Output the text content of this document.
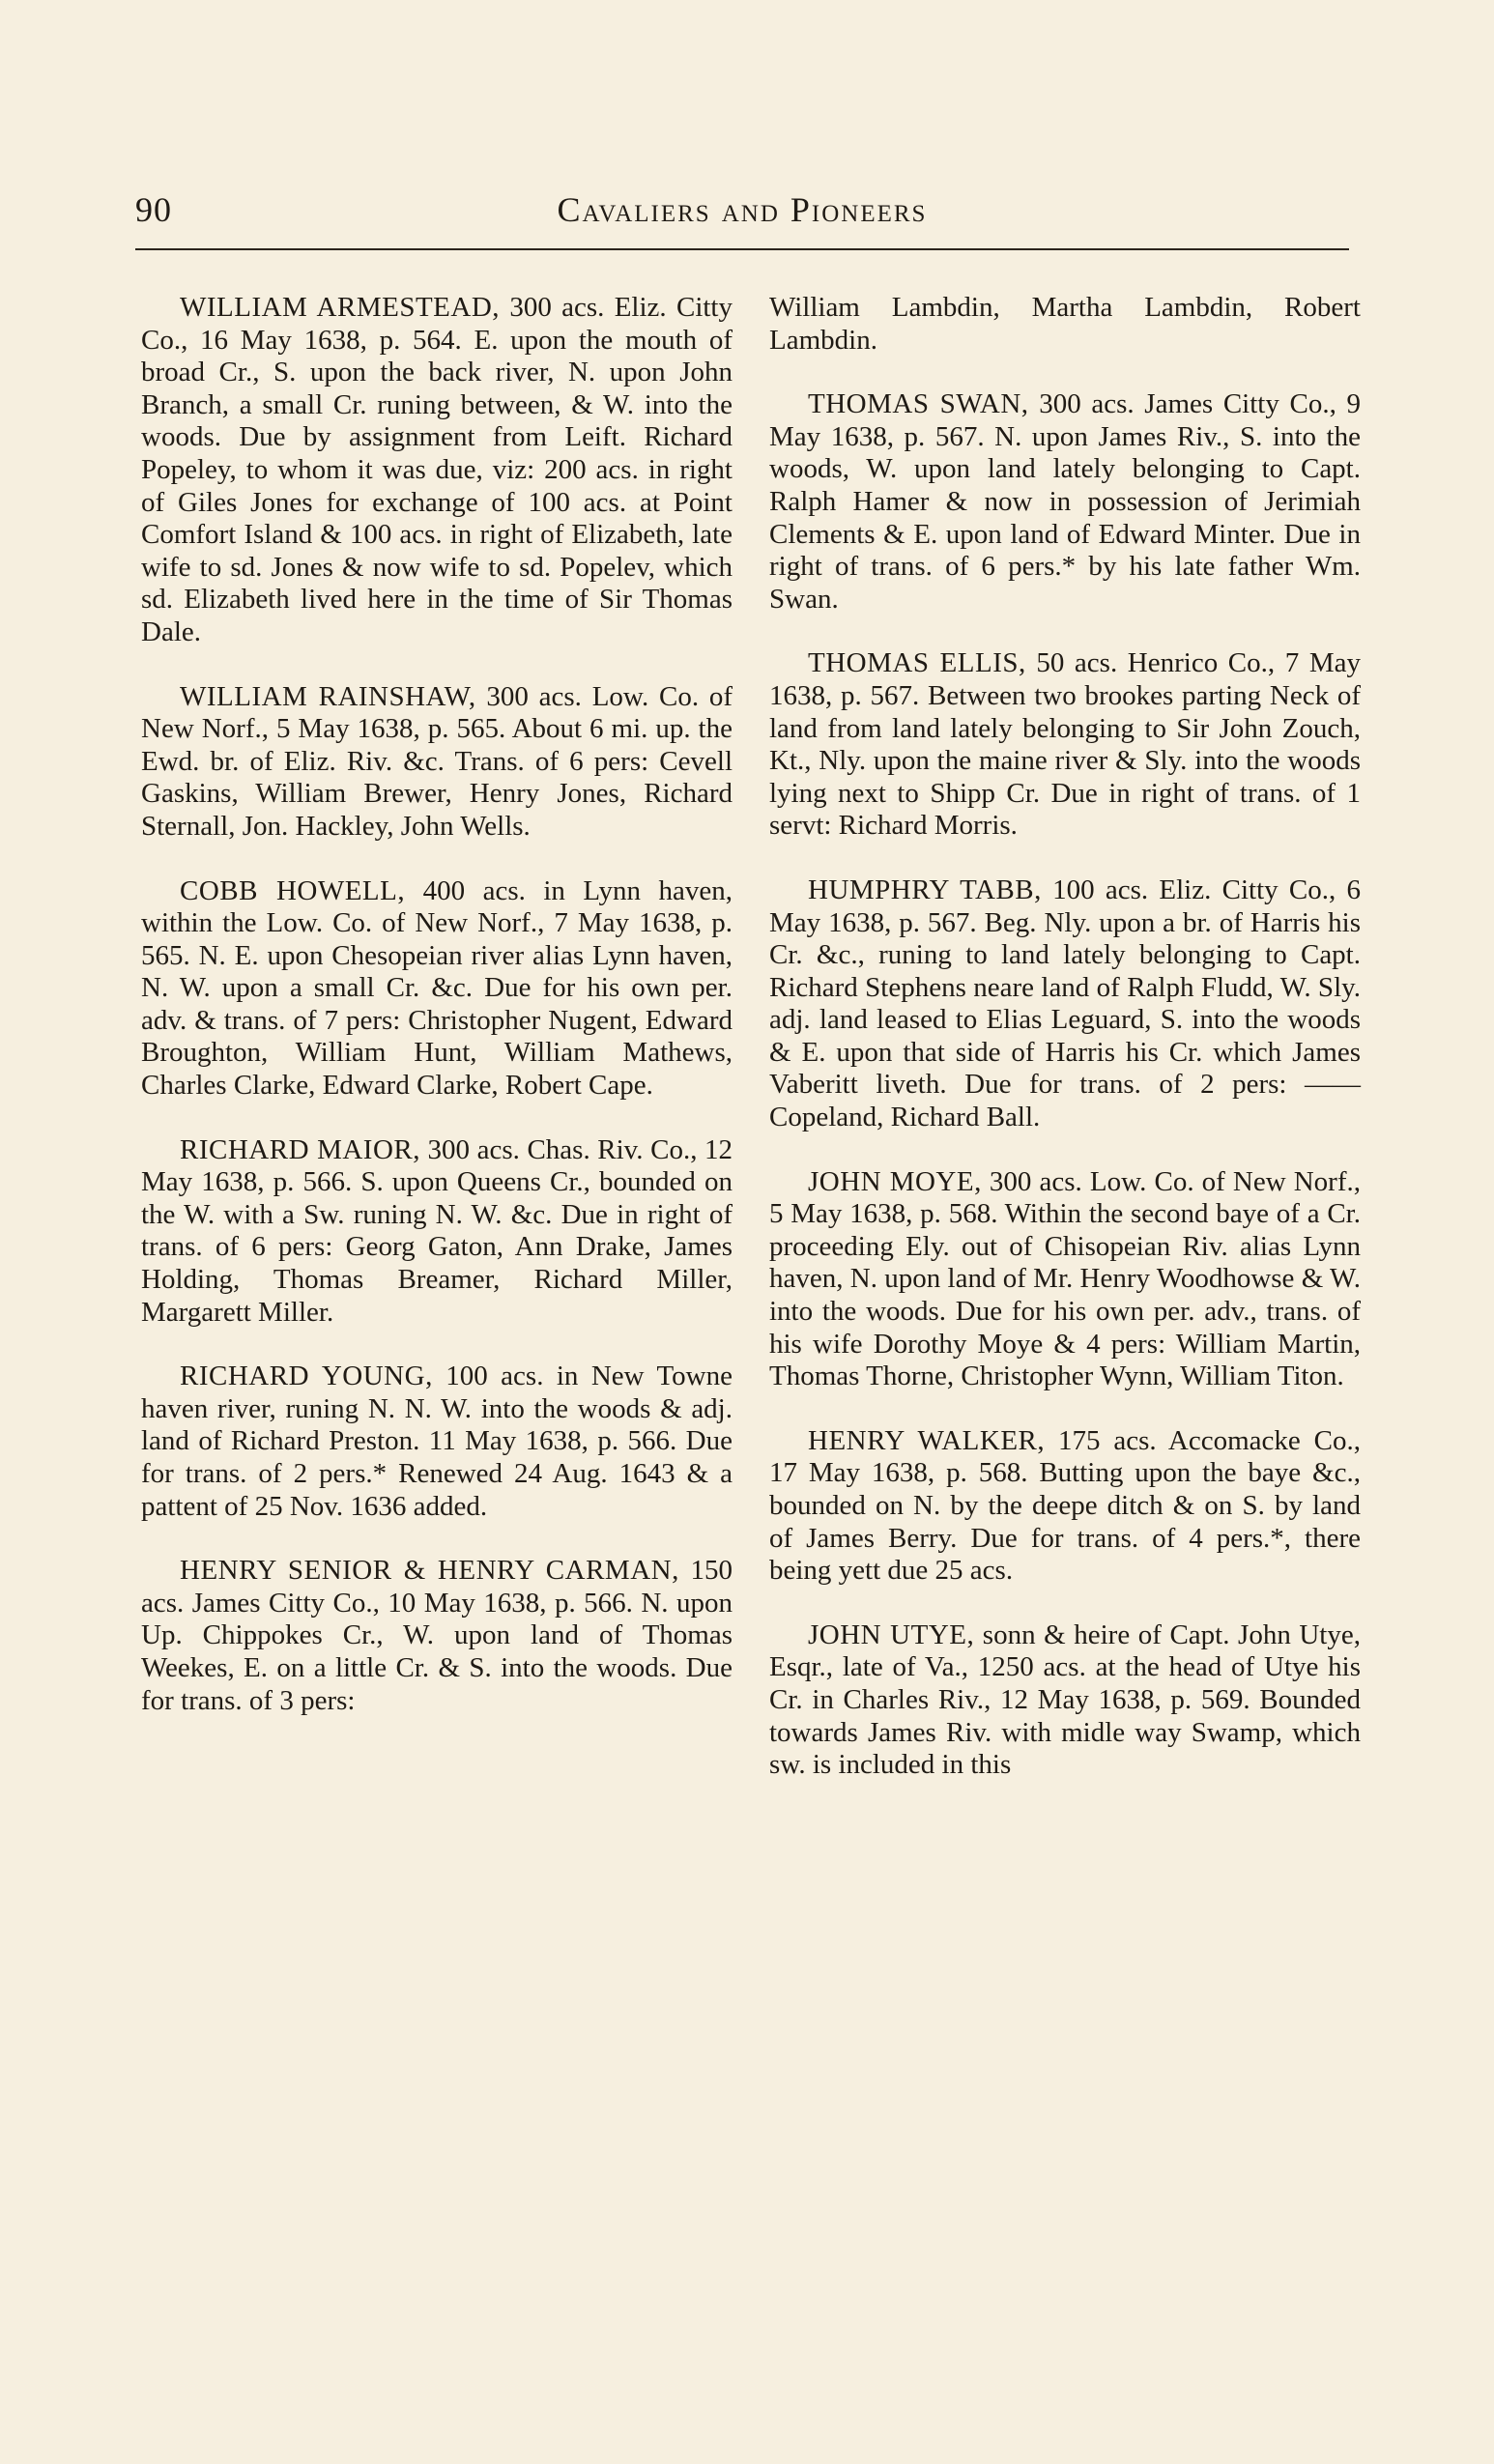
90	Cavaliers and Pioneers

WILLIAM ARMESTEAD, 300 acs. Eliz. Citty Co., 16 May 1638, p. 564. E. upon the mouth of broad Cr., S. upon the back river, N. upon John Branch, a small Cr. runing between, & W. into the woods. Due by assignment from Leift. Richard Popeley, to whom it was due, viz: 200 acs. in right of Giles Jones for exchange of 100 acs. at Point Comfort Island & 100 acs. in right of Elizabeth, late wife to sd. Jones & now wife to sd. Popelev, which sd. Elizabeth lived here in the time of Sir Thomas Dale.

WILLIAM RAINSHAW, 300 acs. Low. Co. of New Norf., 5 May 1638, p. 565. About 6 mi. up. the Ewd. br. of Eliz. Riv. &c. Trans. of 6 pers: Cevell Gaskins, William Brewer, Henry Jones, Richard Sternall, Jon. Hackley, John Wells.

COBB HOWELL, 400 acs. in Lynn haven, within the Low. Co. of New Norf., 7 May 1638, p. 565. N. E. upon Chesopeian river alias Lynn haven, N. W. upon a small Cr. &c. Due for his own per. adv. & trans. of 7 pers: Christopher Nugent, Edward Broughton, William Hunt, William Mathews, Charles Clarke, Edward Clarke, Robert Cape.

RICHARD MAIOR, 300 acs. Chas. Riv. Co., 12 May 1638, p. 566. S. upon Queens Cr., bounded on the W. with a Sw. runing N. W. &c. Due in right of trans. of 6 pers: Georg Gaton, Ann Drake, James Holding, Thomas Breamer, Richard Miller, Margarett Miller.

RICHARD YOUNG, 100 acs. in New Towne haven river, runing N. N. W. into the woods & adj. land of Richard Preston. 11 May 1638, p. 566. Due for trans. of 2 pers.* Renewed 24 Aug. 1643 & a pattent of 25 Nov. 1636 added.

HENRY SENIOR & HENRY CARMAN, 150 acs. James Citty Co., 10 May 1638, p. 566. N. upon Up. Chippokes Cr., W. upon land of Thomas Weekes, E. on a little Cr. & S. into the woods. Due for trans. of 3 pers:

William Lambdin, Martha Lambdin, Robert Lambdin.

THOMAS SWAN, 300 acs. James Citty Co., 9 May 1638, p. 567. N. upon James Riv., S. into the woods, W. upon land lately belonging to Capt. Ralph Hamer & now in possession of Jerimiah Clements & E. upon land of Edward Minter. Due in right of trans. of 6 pers.* by his late father Wm. Swan.

THOMAS ELLIS, 50 acs. Henrico Co., 7 May 1638, p. 567. Between two brookes parting Neck of land from land lately belonging to Sir John Zouch, Kt., Nly. upon the maine river & Sly. into the woods lying next to Shipp Cr. Due in right of trans. of 1 servt: Richard Morris.

HUMPHRY TABB, 100 acs. Eliz. Citty Co., 6 May 1638, p. 567. Beg. Nly. upon a br. of Harris his Cr. &c., runing to land lately belonging to Capt. Richard Stephens neare land of Ralph Fludd, W. Sly. adj. land leased to Elias Leguard, S. into the woods & E. upon that side of Harris his Cr. which James Vaberitt liveth. Due for trans. of 2 pers: —— Copeland, Richard Ball.

JOHN MOYE, 300 acs. Low. Co. of New Norf., 5 May 1638, p. 568. Within the second baye of a Cr. proceeding Ely. out of Chisopeian Riv. alias Lynn haven, N. upon land of Mr. Henry Woodhowse & W. into the woods. Due for his own per. adv., trans. of his wife Dorothy Moye & 4 pers: William Martin, Thomas Thorne, Christopher Wynn, William Titon.

HENRY WALKER, 175 acs. Accomacke Co., 17 May 1638, p. 568. Butting upon the baye &c., bounded on N. by the deepe ditch & on S. by land of James Berry. Due for trans. of 4 pers.*, there being yett due 25 acs.

JOHN UTYE, sonn & heire of Capt. John Utye, Esqr., late of Va., 1250 acs. at the head of Utye his Cr. in Charles Riv., 12 May 1638, p. 569. Bounded towards James Riv. with midle way Swamp, which sw. is included in this
